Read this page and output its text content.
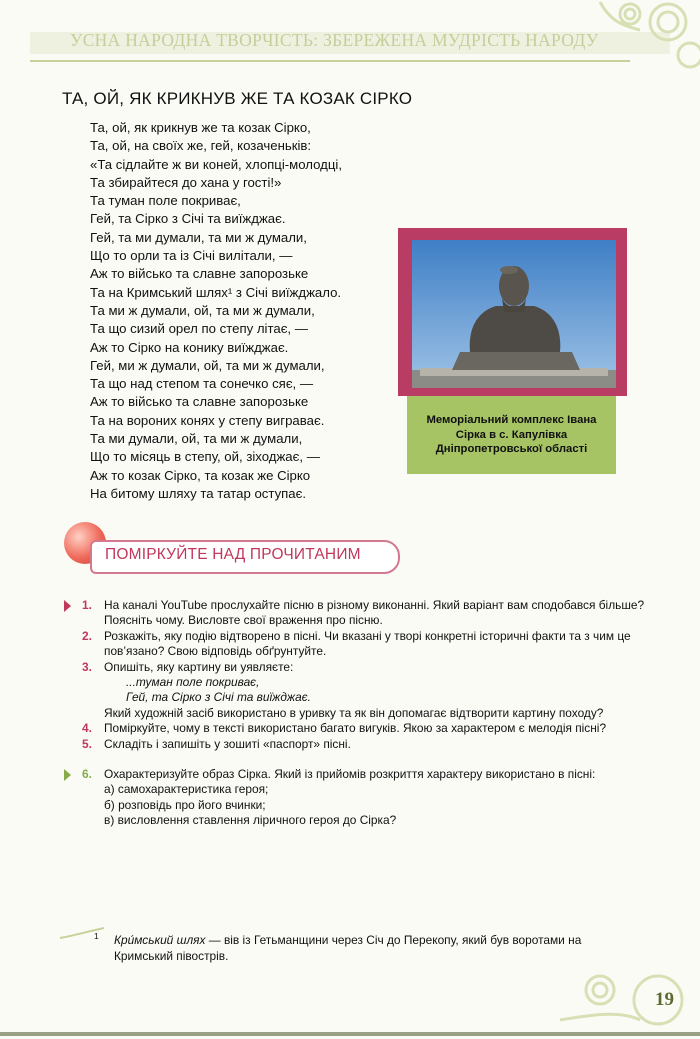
УСНА НАРОДНА ТВОРЧІСТЬ: ЗБЕРЕЖЕНА МУДРІСТЬ НАРОДУ
ТА, ОЙ, ЯК КРИКНУВ ЖЕ ТА КОЗАК СІРКО
Та, ой, як крикнув же та козак Сірко,
Та, ой, на своїх же, гей, козаченьків:
«Та сідлайте ж ви коней, хлопці-молодці,
Та збирайтеся до хана у гості!»
Та туман поле покриває,
Гей, та Сірко з Січі та виїжджає.
Гей, та ми думали, та ми ж думали,
Що то орли та із Січі вилітали, —
Аж то військо та славне запорозьке
Та на Кримський шлях¹ з Січі виїжджало.
Та ми ж думали, ой, та ми ж думали,
Та що сизий орел по степу літає, —
Аж то Сірко на конику виїжджає.
Гей, ми ж думали, ой, та ми ж думали,
Та що над степом та сонечко сяє, —
Аж то військо та славне запорозьке
Та на вороних конях у степу виграває.
Та ми думали, ой, та ми ж думали,
Що то місяць в степу, ой, зіходжає, —
Аж то козак Сірко, та козак же Сірко
На битому шляху та татар оступає.
Меморіальний комплекс Івана Сірка в с. Капулівка Дніпропетровської області
ПОМІРКУЙТЕ НАД ПРОЧИТАНИМ
1. На каналі YouTube прослухайте пісню в різному виконанні. Який варіант вам сподобався більше? Поясніть чому. Висловте свої враження про пісню.
2. Розкажіть, яку подію відтворено в пісні. Чи вказані у творі конкретні історичні факти та з чим це пов’язано? Свою відповідь обґрунтуйте.
3. Опишіть, яку картину ви уявляєте:
...туман поле покриває,
Гей, та Сірко з Січі та виїжджає.
Який художній засіб використано в уривку та як він допомагає відтворити картину походу?
4. Поміркуйте, чому в тексті використано багато вигуків. Якою за характером є мелодія пісні?
5. Складіть і запишіть у зошиті «паспорт» пісні.
6. Охарактеризуйте образ Сірка. Який із прийомів розкриття характеру використано в пісні:
а) самохарактеристика героя;
б) розповідь про його вчинки;
в) висловлення ставлення ліричного героя до Сірка?
1	Кри́мський шлях — вів із Гетьманщини через Січ до Перекопу, який був воротами на Кримський півострів.
19
